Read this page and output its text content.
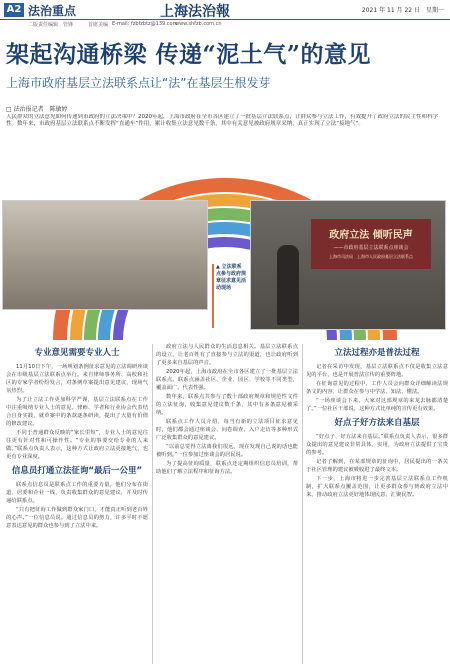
A2 法治重点	上海法治報	2021 年 11 月 22 日　星期一
二版责任编辑　管锋	首席美编 E-mail: fzbfzbtz@139.com
www.shfzb.com.cn
架起沟通桥梁 传递“泥土气”的意见
上海市政府基层立法联系点让“法”在基层生根发芽
□ 法治报记者　陈敏婷
人民群众的立法意见如何传递到市政府的立法决策中？2020年起，上海市政府在全市各区建立了一批基层立法联系点，让群众参与立法工作，有效提升了政府立法的民主性和科学性。数年来，市政府基层立法联系点不断发挥“直通车”作用，累计收集立法意见数千条，其中有关意见被政府规章采纳，真正实现了立法“接地气”。
政府立法 倾听民声
——市政府基层立法联系点座谈会
上海市司法局　上海市人民政府基层立法联系点
▲ 立法联系点参与政府规章征求意见活动现场
专业意见需要专业人士

11月10日下午，一场规划条例征求意见的立法调研座谈会在市级基层立法联系点举行。来自律师事务所、高校和社区的专家学者纷纷发言，对条例草案提出意见建议，现场气氛热烈。

为了让立法工作更加科学严谨，基层立法联系点在工作中注重吸纳专业人士的意见。律师、学者和行业协会代表结合自身实践，就草案中的条款逐条研读，提出了大量有价值的修改建议。

不同于普通群众反映的“家长里短”，专业人士的意见往往更有针对性和可操作性。“专业的事要交给专业的人来做。”联系点负责人表示，这种方式让政府立法更接地气，也更有专业深度。

信息员打通立法征询“最后一公里”

联系点信息员是联系点工作的重要力量。他们分布在街道、居委和企业一线，负责收集群众的意见建议，并及时传递给联系点。

“只有把征询工作做到群众家门口，才能真正听到老百姓的心声。”一位信息员说。通过信息员的努力，许多平时不愿意表达意见的群众也参与到了立法中来。

政府立法与人民群众的生活息息相关。基层立法联系点的设立，让老百姓有了直接参与立法的渠道，也让政府听到了更多来自基层的声音。

2020年起，上海市政府在全市各区建立了一批基层立法联系点。联系点涵盖社区、企业、园区、学校等不同类型，覆盖面广、代表性强。

数年来，联系点共参与了数十部政府规章和规范性文件的立法征询，收集意见建议数千条，其中有多条意见被采纳。

联系点工作人员介绍，每当有新的立法项目征求意见时，他们都会通过座谈会、问卷调查、入户走访等多种形式广泛收集群众的意见建议。

“以前总觉得立法离我们很远，现在发现自己说的话也能被听到。”一位参加过座谈会的居民说。

为了提高征询质量，联系点还定期组织信息员培训，帮助他们了解立法程序和征询方法。

立法过程亦是普法过程

记者在采访中发现，基层立法联系点不仅是收集立法意见的平台，也是开展普法宣传的重要阵地。

在征询意见的过程中，工作人员会向群众详细解读法规条文的内容，让群众在参与中学法、知法、懂法。

“一场座谈会下来，大家对这部规章的来龙去脉都清楚了。”一位社区干部说，这种方式比单纯的宣传更有效果。

好点子好方法来自基层

“好点子、好方法来自基层。”联系点负责人表示，很多群众提出的意见建议非常具体、实用，为政府立法提供了宝贵的参考。

记者了解到，在某部规章的征询中，居民提出的一条关于社区管理的建议被吸收进了最终文本。

下一步，上海市将进一步完善基层立法联系点工作机制，扩大联系点覆盖范围，让更多群众参与到政府立法中来，推动政府立法更好地体现民意、汇聚民智。
